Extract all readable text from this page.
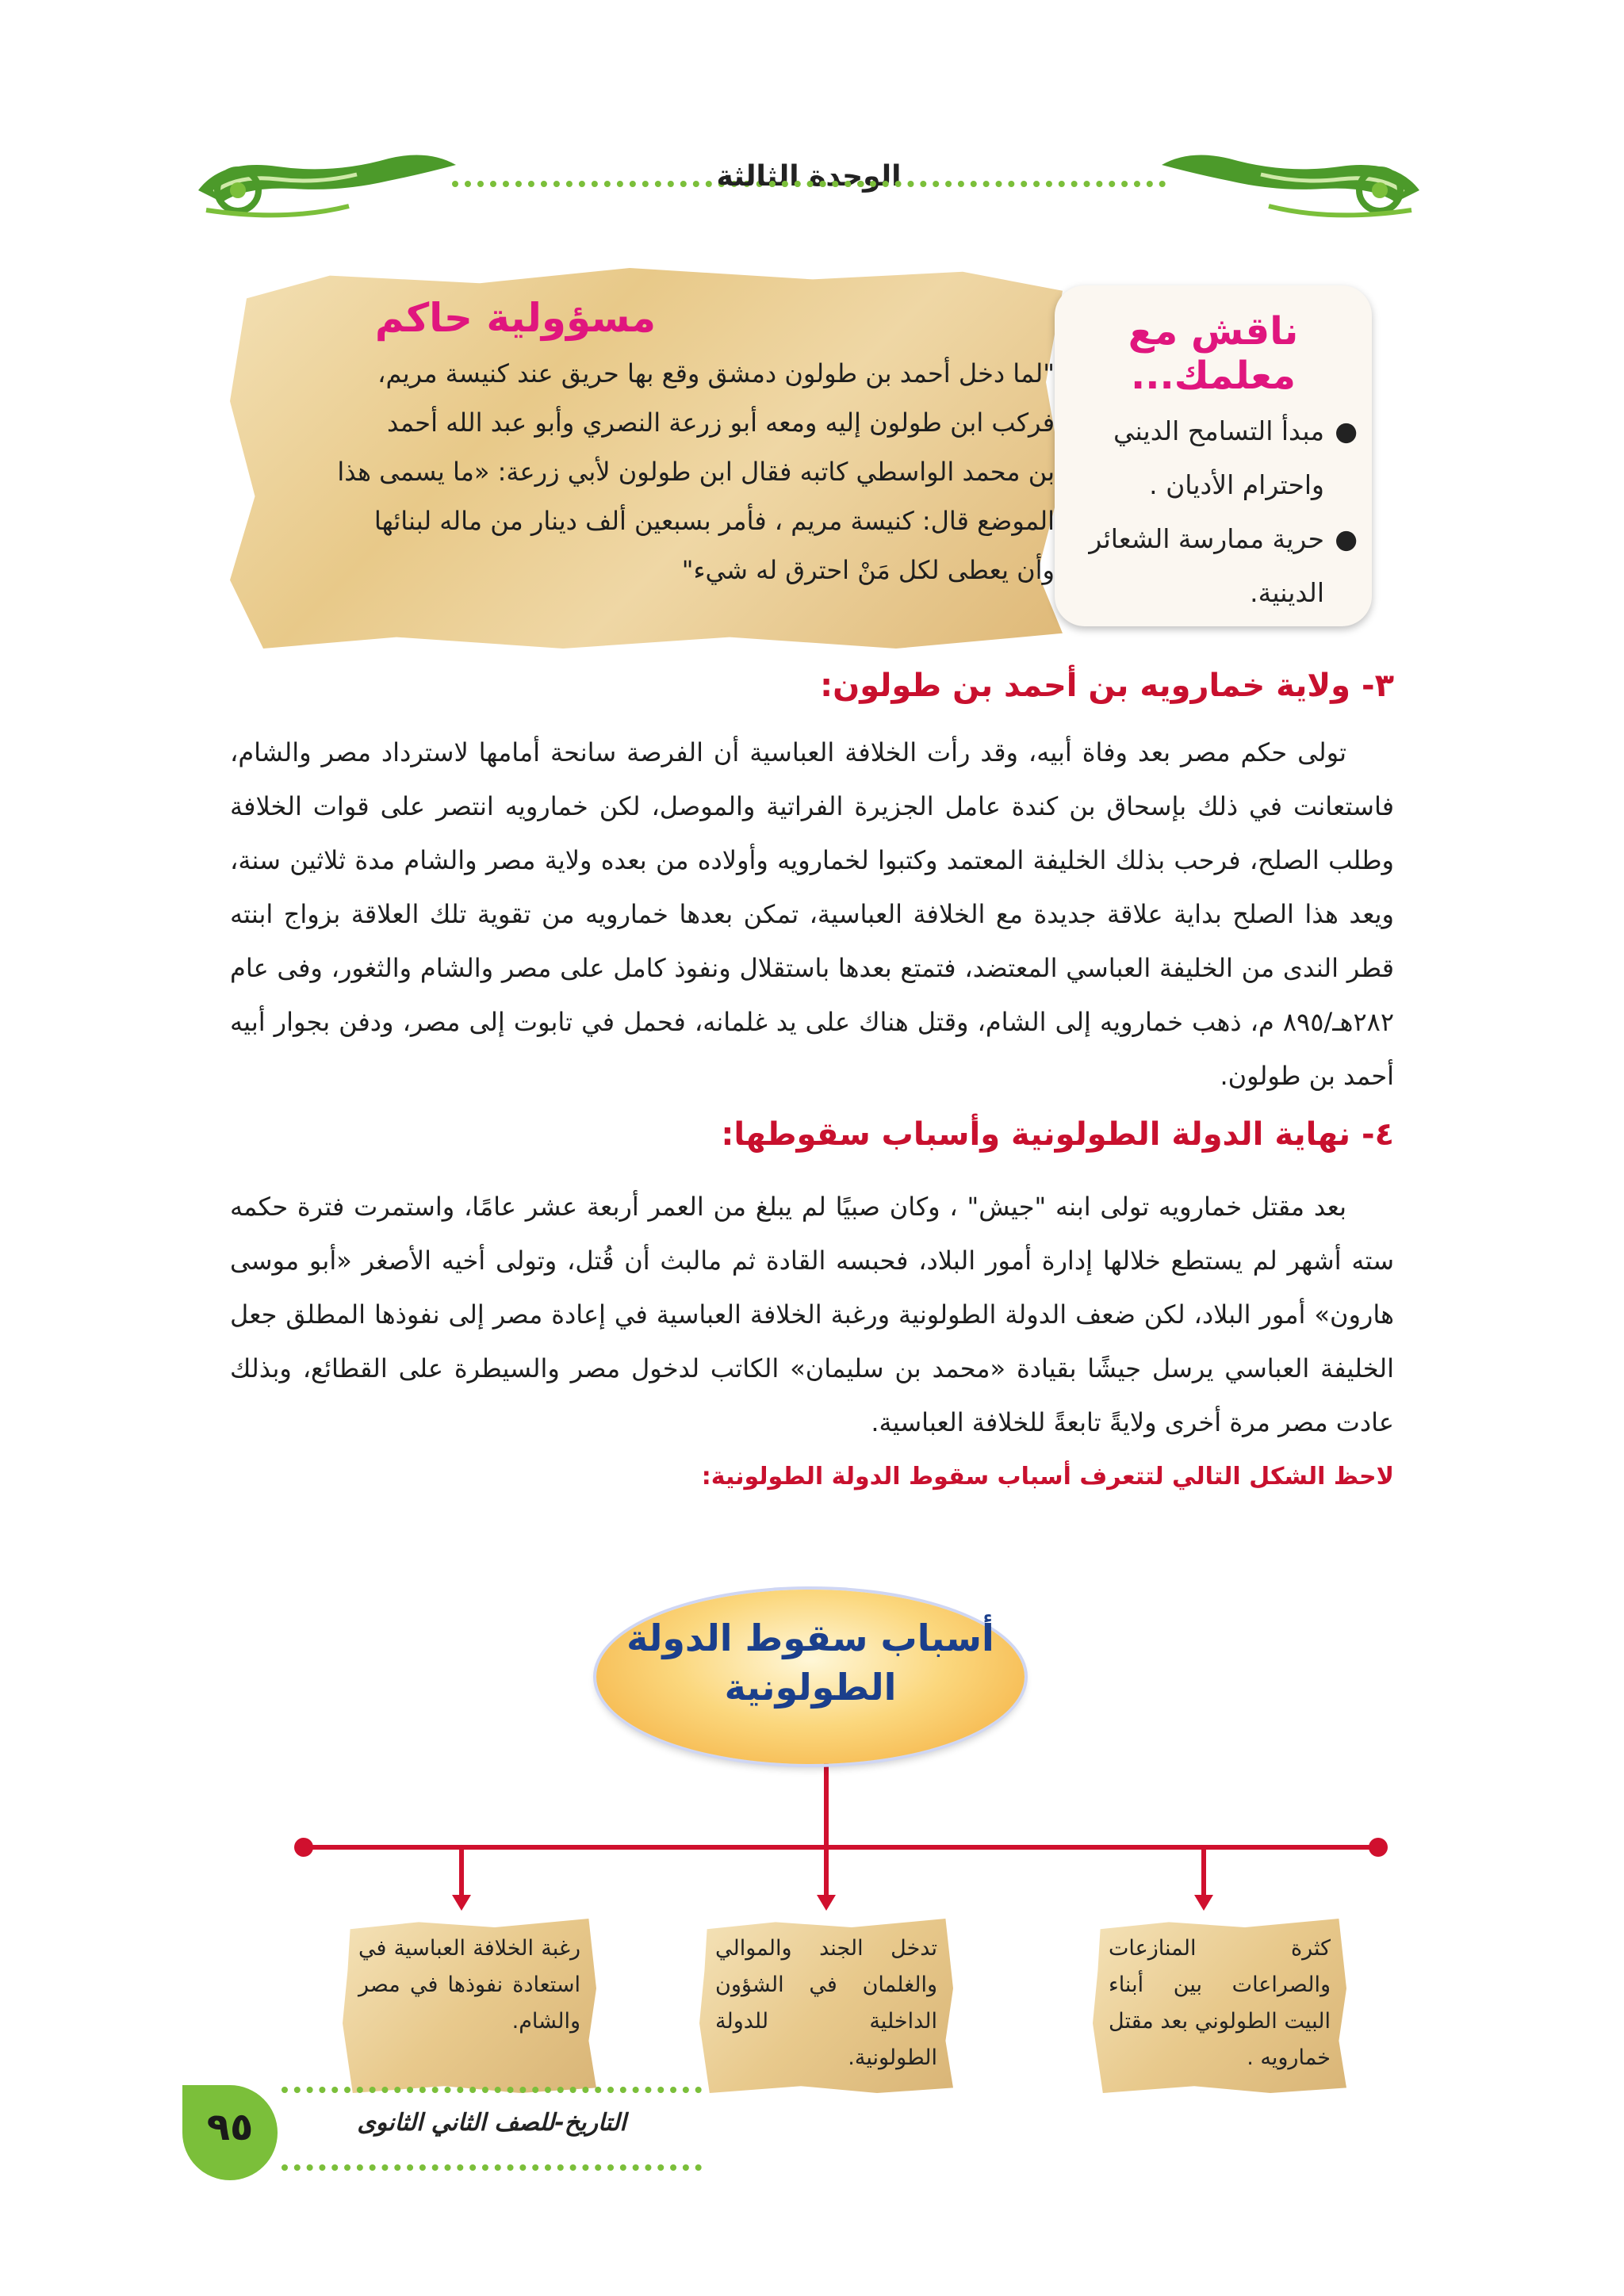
الوحدة الثالثة
مسؤولية حاكم

"لما دخل أحمد بن طولون دمشق وقع بها حريق عند كنيسة مريم،

فركب ابن طولون إليه ومعه أبو زرعة النصري وأبو عبد الله أحمد

بن محمد الواسطي كاتبه فقال ابن طولون لأبي زرعة: «ما يسمى هذا

الموضع قال: كنيسة مريم ، فأمر بسبعين ألف دينار من ماله لبنائها

وأن يعطى لكل مَنْ احترق له شيء"

ناقش مع
معلمك...
●
مبدأ التسامح الديني واحترام الأديان .
●
حرية ممارسة الشعائر الدينية.
٣- ولاية خمارويه بن أحمد بن طولون:

تولى حكم مصر بعد وفاة أبيه، وقد رأت الخلافة العباسية أن الفرصة سانحة أمامها لاسترداد مصر والشام، فاستعانت في ذلك بإسحاق بن كندة عامل الجزيرة الفراتية والموصل، لكن خمارويه انتصر على قوات الخلافة وطلب الصلح، فرحب بذلك الخليفة المعتمد وكتبوا لخمارويه وأولاده من بعده ولاية مصر والشام مدة ثلاثين سنة، ويعد هذا الصلح بداية علاقة جديدة مع الخلافة العباسية، تمكن بعدها خمارويه من تقوية تلك العلاقة بزواج ابنته قطر الندى من الخليفة العباسي المعتضد، فتمتع بعدها باستقلال ونفوذ كامل على مصر والشام والثغور، وفى عام ٢٨٢هـ/٨٩٥ م، ذهب خمارويه إلى الشام، وقتل هناك على يد غلمانه، فحمل في تابوت إلى مصر، ودفن بجوار أبيه أحمد بن طولون.

٤- نهاية الدولة الطولونية وأسباب سقوطها:

بعد مقتل خمارويه تولى ابنه "جيش" ، وكان صبيًا لم يبلغ من العمر أربعة عشر عامًا، واستمرت فترة حكمه سته أشهر لم يستطع خلالها إدارة أمور البلاد، فحبسه القادة ثم مالبث أن قُتل، وتولى أخيه الأصغر «أبو موسى هارون» أمور البلاد، لكن ضعف الدولة الطولونية ورغبة الخلافة العباسية في إعادة مصر إلى نفوذها المطلق جعل الخليفة العباسي يرسل جيشًا بقيادة «محمد بن سليمان» الكاتب لدخول مصر والسيطرة على القطائع، وبذلك عادت مصر مرة أخرى ولايةً تابعةً للخلافة العباسية.

لاحظ الشكل التالي لتتعرف أسباب سقوط الدولة الطولونية:
أسباب سقوط الدولة الطولونية
كثرة المنازعات والصراعات بين أبناء البيت الطولوني بعد مقتل خمارويه .
تدخل الجند والموالي والغلمان في الشؤون الداخلية للدولة الطولونية.
رغبة الخلافة العباسية في استعادة نفوذها في مصر والشام.
٩٥	التاريخ-للصف الثاني الثانوى
